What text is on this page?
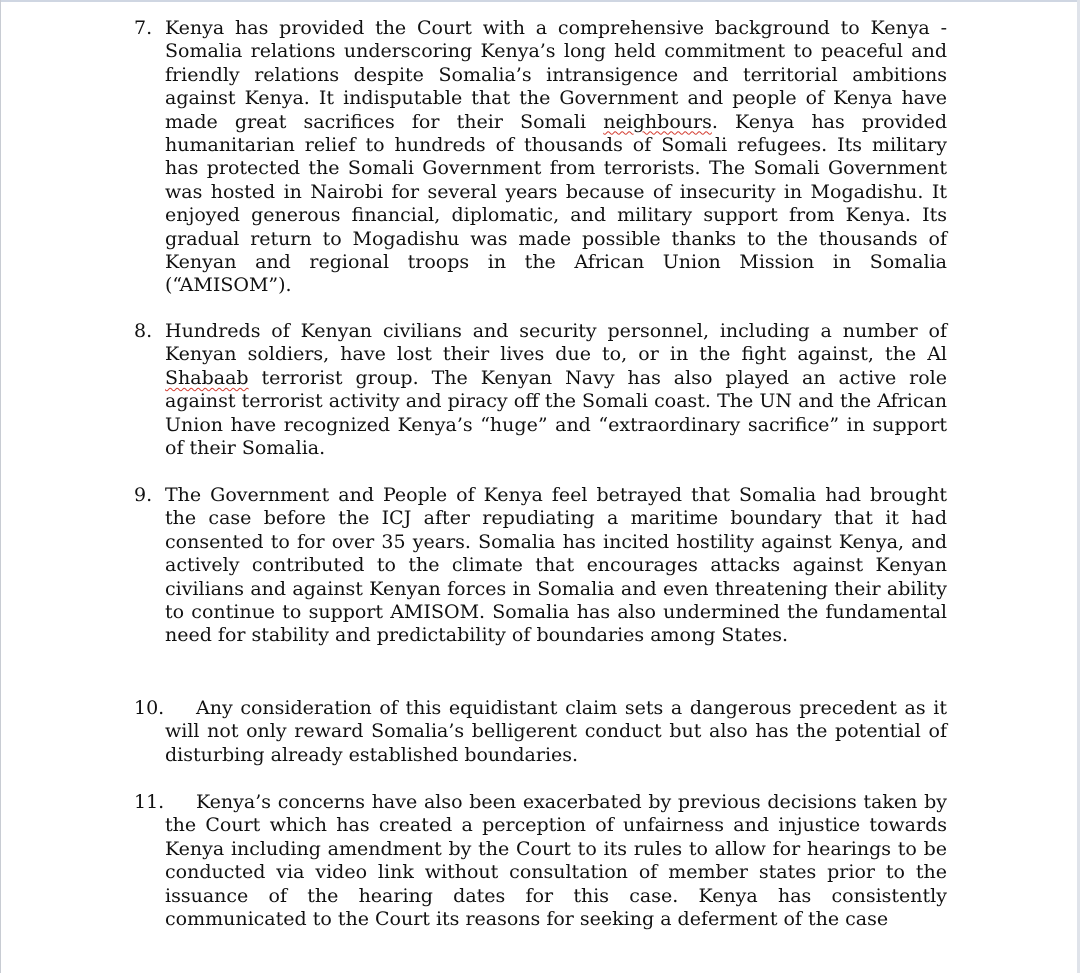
7. Kenya has provided the Court with a comprehensive background to Kenya - Somalia relations underscoring Kenya’s long held commitment to peaceful and friendly relations despite Somalia’s intransigence and territorial ambitions against Kenya. It indisputable that the Government and people of Kenya have made great sacrifices for their Somali neighbours. Kenya has provided humanitarian relief to hundreds of thousands of Somali refugees. Its military has protected the Somali Government from terrorists. The Somali Government was hosted in Nairobi for several years because of insecurity in Mogadishu. It enjoyed generous financial, diplomatic, and military support from Kenya. Its gradual return to Mogadishu was made possible thanks to the thousands of Kenyan and regional troops in the African Union Mission in Somalia (“AMISOM”).
8. Hundreds of Kenyan civilians and security personnel, including a number of Kenyan soldiers, have lost their lives due to, or in the fight against, the Al Shabaab terrorist group. The Kenyan Navy has also played an active role against terrorist activity and piracy off the Somali coast. The UN and the African Union have recognized Kenya’s “huge” and “extraordinary sacrifice” in support of their Somalia.
9. The Government and People of Kenya feel betrayed that Somalia had brought the case before the ICJ after repudiating a maritime boundary that it had consented to for over 35 years. Somalia has incited hostility against Kenya, and actively contributed to the climate that encourages attacks against Kenyan civilians and against Kenyan forces in Somalia and even threatening their ability to continue to support AMISOM. Somalia has also undermined the fundamental need for stability and predictability of boundaries among States.
10.	Any consideration of this equidistant claim sets a dangerous precedent as it will not only reward Somalia’s belligerent conduct but also has the potential of disturbing already established boundaries.
11.	Kenya’s concerns have also been exacerbated by previous decisions taken by the Court which has created a perception of unfairness and injustice towards Kenya including amendment by the Court to its rules to allow for hearings to be conducted via video link without consultation of member states prior to the issuance of the hearing dates for this case. Kenya has consistently communicated to the Court its reasons for seeking a deferment of the case
